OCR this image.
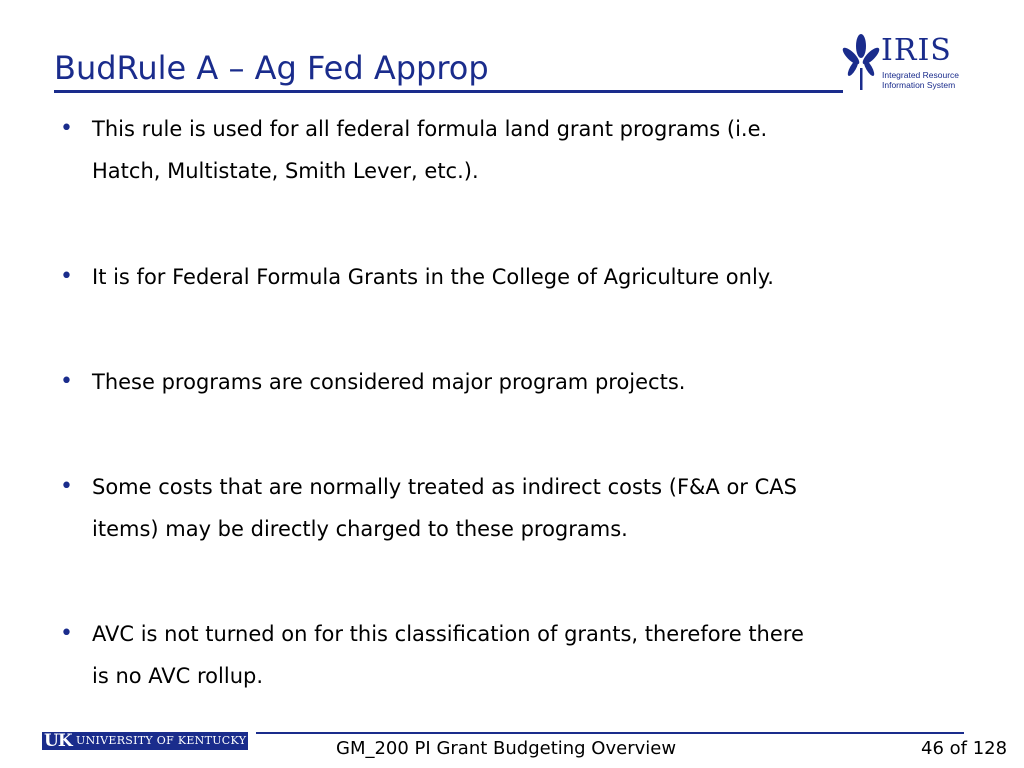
BudRule A – Ag Fed Approp	IRIS
Integrated Resource
Information System
• This rule is used for all federal formula land grant programs (i.e.
Hatch, Multistate, Smith Lever, etc.).
• It is for Federal Formula Grants in the College of Agriculture only.
• These programs are considered major program projects.
• Some costs that are normally treated as indirect costs (F&A or CAS
items) may be directly charged to these programs.
• AVC is not turned on for this classification of grants, therefore there
is no AVC rollup.
UK UNIVERSITY OF KENTUCKY	GM_200 PI Grant Budgeting Overview	46 of 128
